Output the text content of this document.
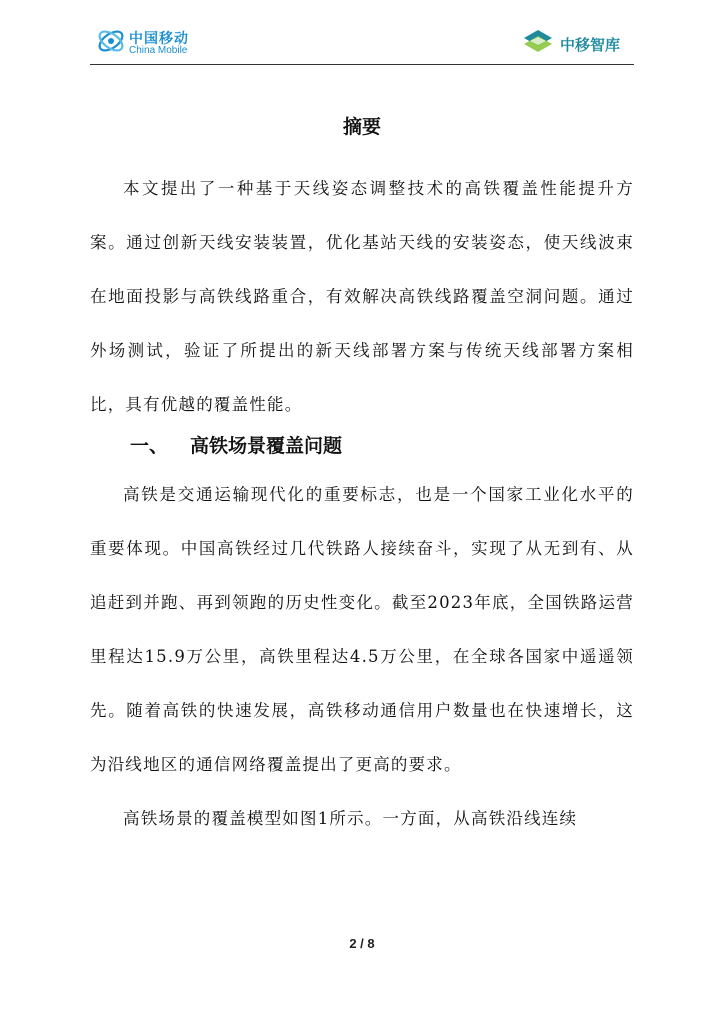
中国移动
China Mobile	中移智库
摘要

本文提出了一种基于天线姿态调整技术的高铁覆盖性能提升方案。通过创新天线安装装置，优化基站天线的安装姿态，使天线波束在地面投影与高铁线路重合，有效解决高铁线路覆盖空洞问题。通过外场测试，验证了所提出的新天线部署方案与传统天线部署方案相比，具有优越的覆盖性能。

一、 高铁场景覆盖问题

高铁是交通运输现代化的重要标志，也是一个国家工业化水平的重要体现。中国高铁经过几代铁路人接续奋斗，实现了从无到有、从追赶到并跑、再到领跑的历史性变化。截至2023年底，全国铁路运营里程达15.9万公里，高铁里程达4.5万公里，在全球各国家中遥遥领先。随着高铁的快速发展，高铁移动通信用户数量也在快速增长，这为沿线地区的通信网络覆盖提出了更高的要求。

高铁场景的覆盖模型如图1所示。一方面，从高铁沿线连续

2 / 8
